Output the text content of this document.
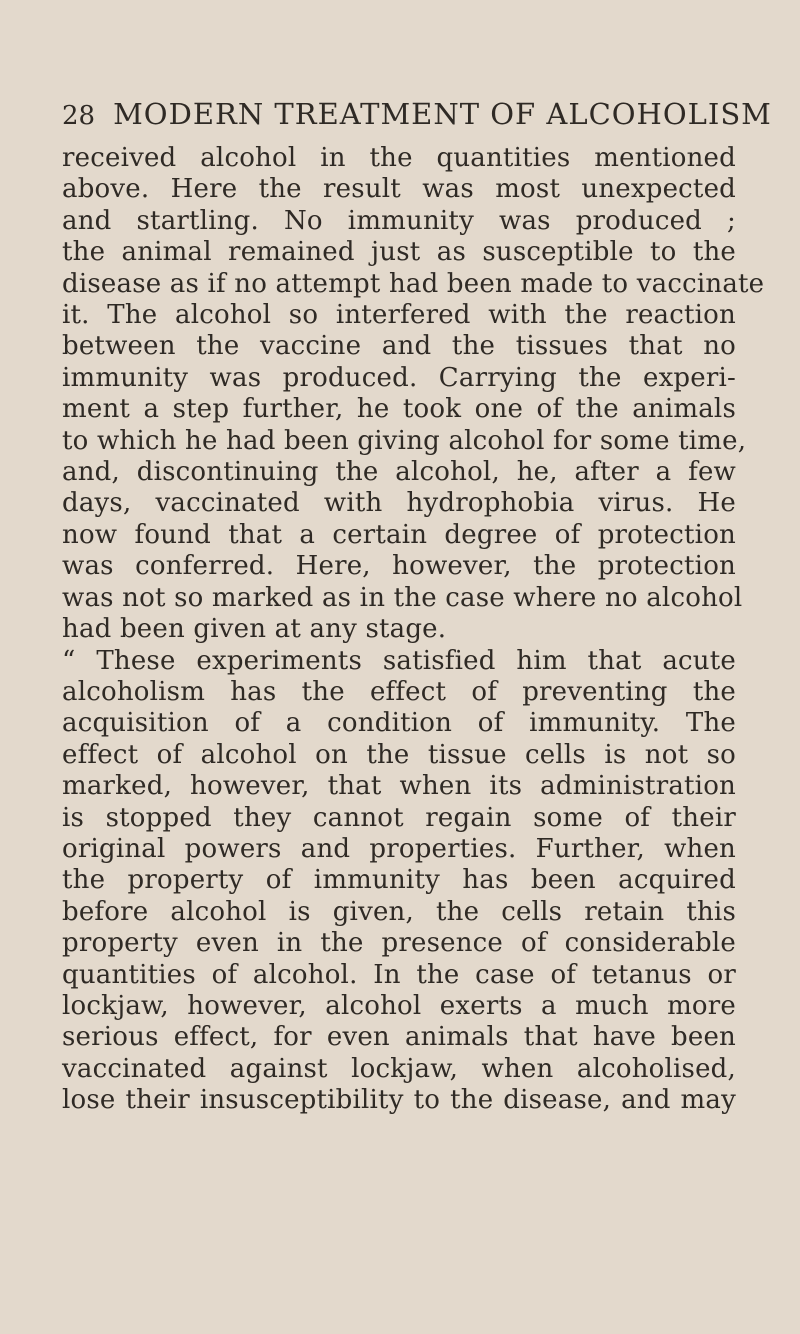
28 MODERN TREATMENT OF ALCOHOLISM
received alcohol in the quantities mentioned
above. Here the result was most unexpected
and startling. No immunity was produced ;
the animal remained just as susceptible to the
disease as if no attempt had been made to vaccinate
it. The alcohol so interfered with the reaction
between the vaccine and the tissues that no
immunity was produced. Carrying the experi-
ment a step further, he took one of the animals
to which he had been giving alcohol for some time,
and, discontinuing the alcohol, he, after a few
days, vaccinated with hydrophobia virus. He
now found that a certain degree of protection
was conferred. Here, however, the protection
was not so marked as in the case where no alcohol
had been given at any stage.
“ These experiments satisfied him that acute
alcoholism has the effect of preventing the
acquisition of a condition of immunity. The
effect of alcohol on the tissue cells is not so
marked, however, that when its administration
is stopped they cannot regain some of their
original powers and properties. Further, when
the property of immunity has been acquired
before alcohol is given, the cells retain this
property even in the presence of considerable
quantities of alcohol. In the case of tetanus or
lockjaw, however, alcohol exerts a much more
serious effect, for even animals that have been
vaccinated against lockjaw, when alcoholised,
lose their insusceptibility to the disease, and may
